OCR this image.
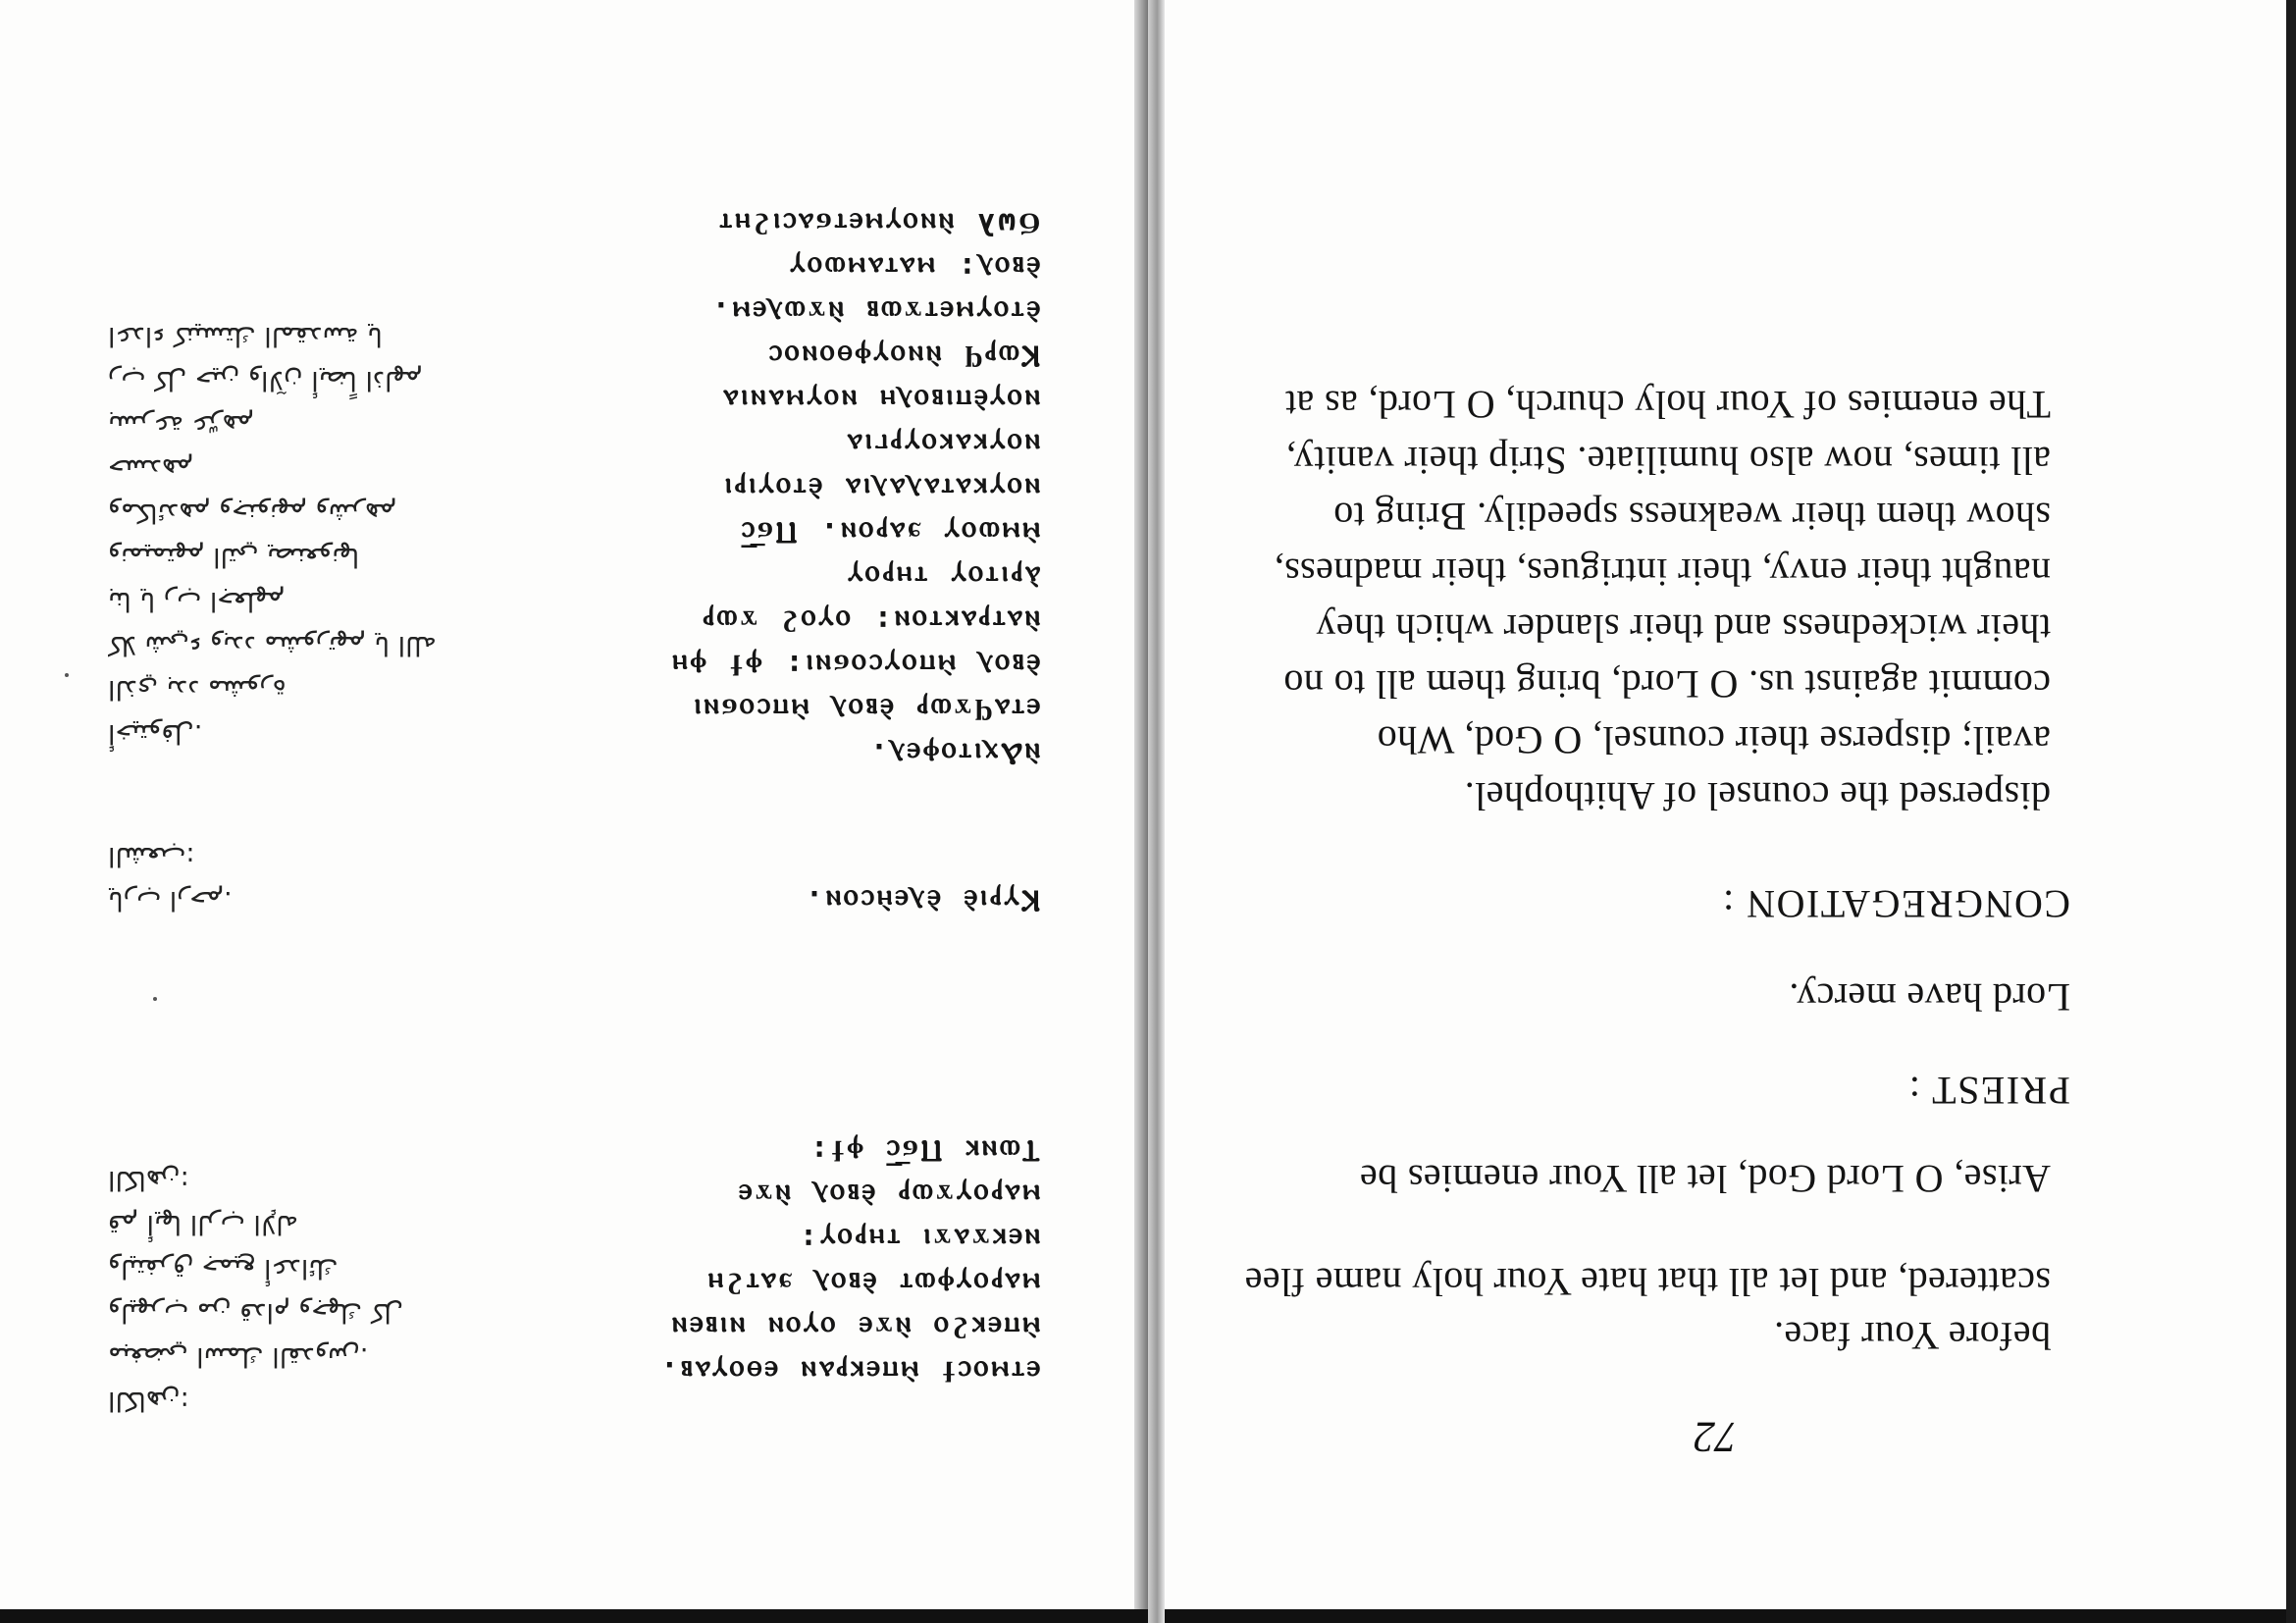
72

before Your face.

scattered, and let all that hate Your holy name flee

Arise, O Lord God, let all Your enemies be

PRIEST :
Lord have mercy.
CONGREGATION :

dispersed the counsel of Ahithophel.

avail; disperse their counsel, O God, Who

commit against us. O Lord, bring them all to no

their wickedness and their slander which they

naught their envy, their intrigues, their madness,

show them their weakness speedily. Bring to

all times, now also humiliate. Strip their vanity,

The enemies of Your holy church, O Lord, as at

ⲉⲧⲙⲟⲥϯ ⲙ̀ⲡⲉⲕⲣⲁⲛ ⲉⲑⲟⲩⲁⲃ.

ⲙ̀ⲡⲉⲕϩⲟ ⲛ̀ϫⲉ ⲟⲩⲟⲛ ⲛⲓⲃⲉⲛ

ⲙⲁⲣⲟⲩⲫⲱⲧ ⲉ̀ⲃⲟⲗ ϧⲁⲧϩⲏ

ⲛⲉⲕϫⲁϫⲓ ⲧⲏⲣⲟⲩ:

ⲙⲁⲣⲟⲩϫⲱⲣ ⲉ̀ⲃⲟⲗ ⲛ̀ϫⲉ

Ⲧⲱⲛⲕ Ⲡϭ̅ⲥ̅ ⲫϯ:

Ⲕⲩⲣⲓⲉ̀ ⲉ̀ⲗⲉⲏ̀ⲥⲟⲛ.

ⲛ̀Ⲁⲭⲓⲧⲟⲫⲉⲗ.

ⲉⲧⲁϥϫⲱⲣ ⲉ̀ⲃⲟⲗ ⲙ̀ⲡⲥⲟϭⲛⲓ

ⲉ̀ⲃⲟⲗ ⲙ̀ⲡⲟⲩⲥⲟϭⲛⲓ: ⲫϯ ⲫⲏ

ⲛ̀ⲁⲧⲣⲁⲕⲧⲟⲛ: ⲟⲩⲟϩ ϫⲱⲣ

ⲁ̀ⲣⲓⲧⲟⲩ ⲧⲏⲣⲟⲩ

ⲙ̀ⲙⲱⲟⲩ ϧⲁⲣⲟⲛ. Ⲡϭ̅ⲥ̅

ⲛⲟⲩⲕⲁⲧⲁⲗⲁⲗⲓⲁ ⲉ̀ⲧⲟⲩⲓⲣⲓ

ⲛⲟⲩⲕⲁⲕⲟⲩⲣⲅⲓⲁ

ⲛⲟⲩⲉ̀ⲡⲓⲃⲟⲗⲏ ⲛⲟⲩⲙⲁⲛⲓⲁ

Ⲕⲱⲣϥ ⲛ̀ⲛⲟⲩⲫⲑⲟⲛⲟⲥ

ⲉ̀ⲧⲟⲩⲙⲉⲧϫⲱⲃ ⲛ̀ϫⲱⲗⲉⲙ.

ⲉ̀ⲃⲟⲗ: ⲙⲁⲧⲁⲙⲱⲟⲩ

Ϭωλ ⲛ̀ⲛⲟⲩⲙⲉⲧϭⲁⲥⲓϩⲏⲧ

الكاهن:

مبغضي اسمك القدوس.

وليهرب من قدام وجهك كل

وليتفرق جميع أعدائك

قم أيها الرب الإله

الكاهن:

يارب ارحم.

الشعب:

أخيتوفل.

الذي بدد مشورة

كلا شيء وبدد مشورتهم يا الله

بنا يا رب اجعلهم

ونميمتهم التي يصنعونها

ومكائدهم وجنونهم وشرهم

حسدهم

بسرعة عرّهم

رب كل حين والآن أيضاً اذلهم

اعداء كنيستك المقدسة يا
